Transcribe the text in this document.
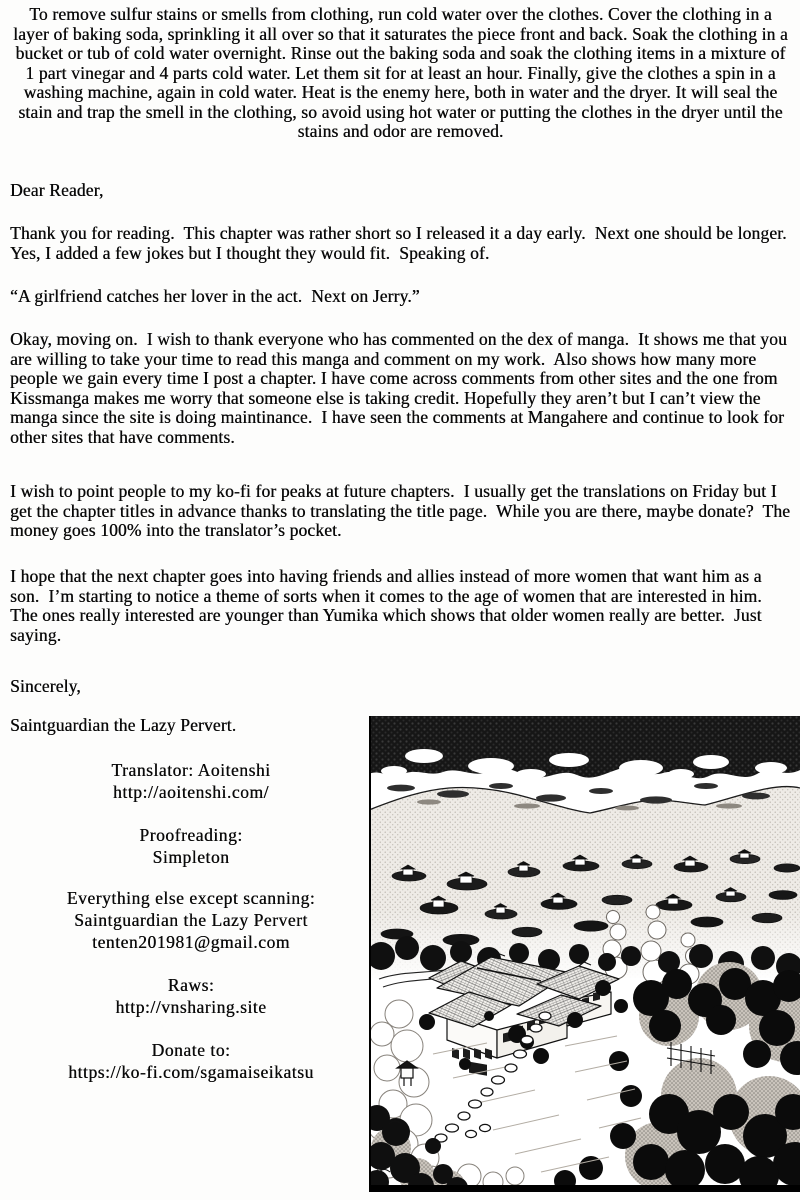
To remove sulfur stains or smells from clothing, run cold water over the clothes. Cover the clothing in a layer of baking soda, sprinkling it all over so that it saturates the piece front and back. Soak the clothing in a bucket or tub of cold water overnight. Rinse out the baking soda and soak the clothing items in a mixture of 1 part vinegar and 4 parts cold water. Let them sit for at least an hour. Finally, give the clothes a spin in a washing machine, again in cold water. Heat is the enemy here, both in water and the dryer. It will seal the stain and trap the smell in the clothing, so avoid using hot water or putting the clothes in the dryer until the stains and odor are removed.
Dear Reader,
Thank you for reading.  This chapter was rather short so I released it a day early.  Next one should be longer.  Yes, I added a few jokes but I thought they would fit.  Speaking of.
“A girlfriend catches her lover in the act.  Next on Jerry.”
Okay, moving on.  I wish to thank everyone who has commented on the dex of manga.  It shows me that you are willing to take your time to read this manga and comment on my work.  Also shows how many more people we gain every time I post a chapter. I have come across comments from other sites and the one from Kissmanga makes me worry that someone else is taking credit. Hopefully they aren’t but I can’t view the manga since the site is doing maintinance.  I have seen the comments at Mangahere and continue to look for other sites that have comments.
I wish to point people to my ko-fi for peaks at future chapters.  I usually get the translations on Friday but I get the chapter titles in advance thanks to translating the title page.  While you are there, maybe donate?  The money goes 100% into the translator’s pocket.
I hope that the next chapter goes into having friends and allies instead of more women that want him as a son.  I’m starting to notice a theme of sorts when it comes to the age of women that are interested in him.  The ones really interested are younger than Yumika which shows that older women really are better.  Just saying.
Sincerely,
Saintguardian the Lazy Pervert.
Translator: Aoitenshi
http://aoitenshi.com/
Proofreading:
Simpleton
Everything else except scanning:
Saintguardian the Lazy Pervert
tenten201981@gmail.com
Raws:
http://vnsharing.site
Donate to:
https://ko-fi.com/sgamaiseikatsu
